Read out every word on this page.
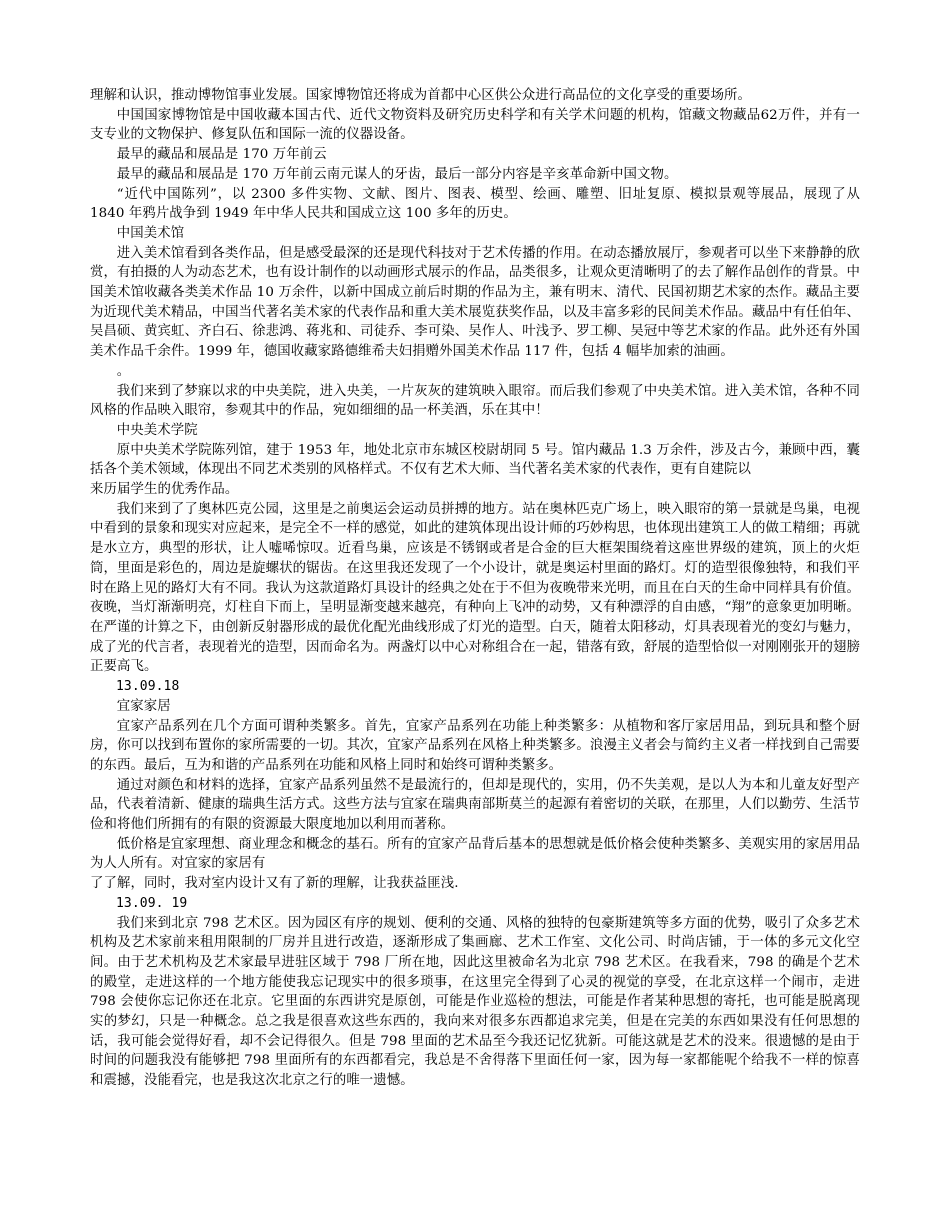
理解和认识，推动博物馆事业发展。国家博物馆还将成为首都中心区供公众进行高品位的文化享受的重要场所。

中国国家博物馆是中国收藏本国古代、近代文物资料及研究历史科学和有关学术问题的机构，馆藏文物藏品62万件，并有一支专业的文物保护、修复队伍和国际一流的仪器设备。

最早的藏品和展品是 170 万年前云

最早的藏品和展品是 170 万年前云南元谋人的牙齿，最后一部分内容是辛亥革命新中国文物。

“近代中国陈列”，以 2300 多件实物、文献、图片、图表、模型、绘画、雕塑、旧址复原、模拟景观等展品，展现了从 1840 年鸦片战争到 1949 年中华人民共和国成立这 100 多年的历史。

中国美术馆

进入美术馆看到各类作品，但是感受最深的还是现代科技对于艺术传播的作用。在动态播放展厅，参观者可以坐下来静静的欣赏，有拍摄的人为动态艺术，也有设计制作的以动画形式展示的作品，品类很多，让观众更清晰明了的去了解作品创作的背景。中国美术馆收藏各类美术作品 10 万余件，以新中国成立前后时期的作品为主，兼有明末、清代、民国初期艺术家的杰作。藏品主要为近现代美术精品，中国当代著名美术家的代表作品和重大美术展览获奖作品，以及丰富多彩的民间美术作品。藏品中有任伯年、吴昌硕、黄宾虹、齐白石、徐悲鸿、蒋兆和、司徒乔、李可染、吴作人、叶浅予、罗工柳、吴冠中等艺术家的作品。此外还有外国美术作品千余件。1999 年，德国收藏家路德维希夫妇捐赠外国美术作品 117 件，包括 4 幅毕加索的油画。

。

我们来到了梦寐以求的中央美院，进入央美，一片灰灰的建筑映入眼帘。而后我们参观了中央美术馆。进入美术馆，各种不同风格的作品映入眼帘，参观其中的作品，宛如细细的品一杯美酒，乐在其中！

中央美术学院

原中央美术学院陈列馆，建于 1953 年，地处北京市东城区校尉胡同 5 号。馆内藏品 1.3 万余件，涉及古今，兼顾中西，囊括各个美术领域，体现出不同艺术类别的风格样式。不仅有艺术大师、当代著名美术家的代表作，更有自建院以

来历届学生的优秀作品。

我们来到了了奥林匹克公园，这里是之前奥运会运动员拼搏的地方。站在奥林匹克广场上，映入眼帘的第一景就是鸟巢，电视中看到的景象和现实对应起来，是完全不一样的感觉，如此的建筑体现出设计师的巧妙构思，也体现出建筑工人的做工精细；再就是水立方，典型的形状，让人嘘唏惊叹。近看鸟巢，应该是不锈钢或者是合金的巨大框架围绕着这座世界级的建筑，顶上的火炬筒，里面是彩色的，周边是旋螺状的锯齿。在这里我还发现了一个小设计，就是奥运村里面的路灯。灯的造型很像独特，和我们平时在路上见的路灯大有不同。我认为这款道路灯具设计的经典之处在于不但为夜晚带来光明，而且在白天的生命中同样具有价值。夜晚，当灯渐渐明亮，灯柱自下而上，呈明显渐变越来越亮，有种向上飞冲的动势，又有种漂浮的自由感，“翔”的意象更加明晰。在严谨的计算之下，由创新反射器形成的最优化配光曲线形成了灯光的造型。白天，随着太阳移动，灯具表现着光的变幻与魅力，成了光的代言者，表现着光的造型，因而命名为。两盏灯以中心对称组合在一起，错落有致，舒展的造型恰似一对刚刚张开的翅膀正要高飞。

13.09.18

宜家家居

宜家产品系列在几个方面可谓种类繁多。首先，宜家产品系列在功能上种类繁多：从植物和客厅家居用品，到玩具和整个厨房，你可以找到布置你的家所需要的一切。其次，宜家产品系列在风格上种类繁多。浪漫主义者会与简约主义者一样找到自己需要的东西。最后，互为和谐的产品系列在功能和风格上同时和始终可谓种类繁多。

通过对颜色和材料的选择，宜家产品系列虽然不是最流行的，但却是现代的，实用，仍不失美观，是以人为本和儿童友好型产品，代表着清新、健康的瑞典生活方式。这些方法与宜家在瑞典南部斯莫兰的起源有着密切的关联，在那里，人们以勤劳、生活节俭和将他们所拥有的有限的资源最大限度地加以利用而著称。

低价格是宜家理想、商业理念和概念的基石。所有的宜家产品背后基本的思想就是低价格会使种类繁多、美观实用的家居用品为人人所有。对宜家的家居有

了了解，同时，我对室内设计又有了新的理解，让我获益匪浅.

13.09. 19

我们来到北京 798 艺术区。因为园区有序的规划、便利的交通、风格的独特的包豪斯建筑等多方面的优势，吸引了众多艺术机构及艺术家前来租用限制的厂房并且进行改造，逐渐形成了集画廊、艺术工作室、文化公司、时尚店铺，于一体的多元文化空间。由于艺术机构及艺术家最早进驻区域于 798 厂所在地，因此这里被命名为北京 798 艺术区。在我看来，798 的确是个艺术的殿堂，走进这样的一个地方能使我忘记现实中的很多琐事，在这里完全得到了心灵的视觉的享受，在北京这样一个闹市，走进 798 会使你忘记你还在北京。它里面的东西讲究是原创，可能是作业巡检的想法，可能是作者某种思想的寄托，也可能是脱离现实的梦幻，只是一种概念。总之我是很喜欢这些东西的，我向来对很多东西都追求完美，但是在完美的东西如果没有任何思想的话，我可能会觉得好看，却不会记得很久。但是 798 里面的艺术品至今我还记忆犹新。可能这就是艺术的没来。很遗憾的是由于时间的问题我没有能够把 798 里面所有的东西都看完，我总是不舍得落下里面任何一家，因为每一家都能呢个给我不一样的惊喜和震撼，没能看完，也是我这次北京之行的唯一遗憾。
